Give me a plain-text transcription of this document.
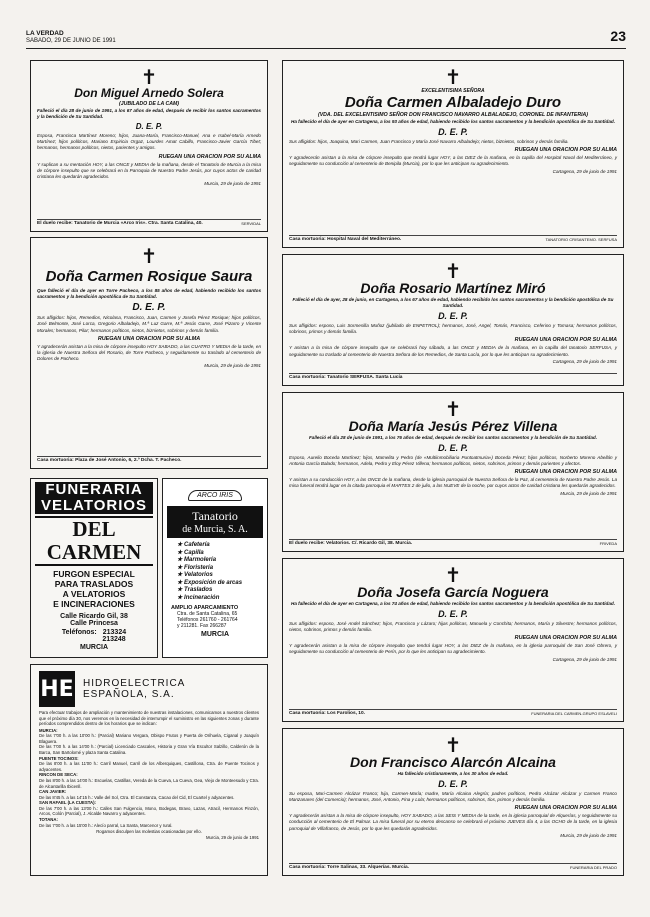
LA VERDAD
SABADO, 29 DE JUNIO DE 1991	23
✝
Don Miguel Arnedo Solera
(JUBILADO DE LA CAM)
Falleció el día 28 de junio de 1991, a los 67 años de edad, después de recibir los santos sacramentos y la bendición de Su Santidad.
D. E. P.
Esposa, Francisca Martínez Moreno; hijos, Juana-María, Francisco-Manuel, Ana e Isabel-María Arnedo Martínez; hijos políticos, Mariano Espiricia Orgaz, Lourdes Amat Cabillo, Francisco-Javier García Tibet; hermanos, hermanos políticos, nietos, parientes y amigos.
RUEGAN UNA ORACION POR SU ALMA
Y suplican a su mentaciòn HOY, a las ONCE y MEDIA de la mañana, desde el Tanatorio de Murcia a la misa de córpore insepulto que se celebrará en la Parroquia de Nuestro Padre Jesús, por cuyos actos de caridad cristiana les quedarán agradecidos.
Murcia, 29 de junio de 1991
El duelo recibe: Tanatorio de Murcia «Arco Iris». Ctra. Santa Catalina, 40.	SERVIDAL
✝
Doña Carmen Rosique Saura
Que falleció el día de ayer en Torre Pacheco, a los 85 años de edad, habiendo recibido los santos sacramentos y la bendición apostólica de Su Santidad.
D. E. P.
Sus afligidos: hijos, Remedios, Nicolasa, Francisco, Juan, Carmen y Josefa Pérez Rosique; hijos políticos, José Belmonte, José Lorca, Gregorio Albaladejo, M.ª Luz Garre, M.ª Jesús Garre, José Pizarro y Vicente Morales; hermanos, Pilar; hermanos políticos, nietos, biznietos, sobrinos y demás familia.
RUEGAN UNA ORACION POR SU ALMA
Y agradecerán asistan a la misa de córpore insepulto HOY SABADO, a las CUATRO Y MEDIA de la tarde, en la iglesia de Nuestra Señora del Rosario, de Torre Pacheco, y seguidamente su traslado al cementerio de Dolores de Pacheco.
Murcia, 29 de junio de 1991
Casa mortuoria: Plaza de José Antonio, 6, 2.º Dcha. T. Pacheco.
✝
EXCELENTISIMA SEÑORA
Doña Carmen Albaladejo Duro
(VDA. DEL EXCELENTISIMO SEÑOR DON FRANCISCO NAVARRO ALBALADEJO, CORONEL DE INFANTERIA)
Ha fallecido el día de ayer en Cartagena, a los 93 años de edad, habiendo recibido los santos sacramentos y la bendición apostólica de Su Santidad.
D. E. P.
Sus afligidos: hijos, Joaquina, Mari Carmen, Juan Francisco y María José Navarro Albaladejo; nietos, biznietos, sobrinos y demás familia.
RUEGAN UNA ORACION POR SU ALMA
Y agradecerán asistan a la misa de córpore insepulto que tendrá lugar HOY, a las DIEZ de la mañana, en la capilla del Hospital Naval del Mediterráneo, y seguidamente su conducción al cementerio de Benipila (Murcia), por lo que les anticipan su agradecimiento.
Cartagena, 29 de junio de 1991
Casa mortuoria: Hospital Naval del Mediterráneo.	TANATORIO CRISANTEMO. SERFUSA
✝
Doña Rosario Martínez Miró
Falleció el día de ayer, 28 de junio, en Cartagena, a los 67 años de edad, habiendo recibido los santos sacramentos y la bendición apostólica de Su Santidad.
D. E. P.
Sus afligidos: esposo, Luis Sormesilla Muñoz (jubilado de ENPETROL); hermanos, José, Angel, Tomás, Francisco, Ceferino y Tomasa; hermanos políticos, sobrinos, primos y demás familia.
RUEGAN UNA ORACION POR SU ALMA
Y asistan a la misa de córpore insepulto que se celebrará hoy sábado, a las ONCE y MEDIA de la mañana, en la capilla del tanatorio SERFUSA, y seguidamente su traslado al cementerio de Nuestra Señora de los Remedios, de Santa Lucía, por lo que les anticipan su agradecimiento.
Cartagena, 29 de junio de 1991
Casa mortuoria: Tanatorio SERFUSA. Santa Lucía
✝
Doña María Jesús Pérez Villena
Falleció el día 28 de junio de 1991, a los 76 años de edad, después de recibir los santos sacramentos y la bendición de Su Santidad.
D. E. P.
Esposo, Aurelio Boceda Martínez; hijos, Mamelita y Pedro (de «Multiinmobiliaria Puntoatmuria») Boceda Pérez; hijos políticos, Norberto Moreno Abellán y Antonia García Balado; hermanos, Adela, Pedro y Eloy Pérez Villena; hermanos políticos, nietos, sobrinos, primos y demás parientes y afectos.
RUEGAN UNA ORACION POR SU ALMA
Y asistan a su conducción HOY, a las ONCE de la mañana, desde la iglesia parroquial de Nuestra Señora de la Paz, al cementerio de Nuestro Padre Jesús. La misa funeral tendrá lugar en la citada parroquia el MARTES 2 de julio, a las NUEVE de la noche, por cuyos actos de caridad cristiana les quedarán agradecidos.
Murcia, 29 de junio de 1991
El duelo recibe: Velatorios. C/. Ricardo Gil, 38. Murcia.	FRIVEDA
✝
Doña Josefa García Noguera
Ha fallecido el día de ayer en Cartagena, a los 74 años de edad, habiendo recibido los santos sacramentos y la bendición apostólica de Su Santidad.
D. E. P.
Sus afligidos: esposo, José Andel Sánchez; hijos, Francisco y Lázaro; hijas políticas, Manuela y Conchita; hermanos, María y Silvestre; hermanos políticos, nietos, sobrinos, primos y demás familia.
RUEGAN UNA ORACION POR SU ALMA
Y agradecerán asistan a la misa de córpore insepulto que tendrá lugar HOY, a las DIEZ de la mañana, en la iglesia parroquial de San José Obrero, y seguidamente su conducción al cementerio de Perín, por lo que les anticipan su agradecimiento.
Cartagena, 29 de junio de 1991
Casa mortuoria: Los Farolios, 10.	FUNERARIA DEL CARMEN-GRUPO ESLAVELI
✝
Don Francisco Alarcón Alcaina
Ha fallecido cristianamente, a los 30 años de edad.
D. E. P.
Su esposa, Mari-Carmen Alcázar Franco; hija, Carmen-María; madre, María Alcaina Alegría; padres políticos, Pedro Alcázar Alcázar y Carmen Franco Manzanares (del Comercio); hermanos, José, Antonio, Fina y Lola; hermanos políticos, sobrinos, tíos, primos y demás familia.
RUEGAN UNA ORACION POR SU ALMA
Y agradecerán asistan a la misa de córpore insepulto, HOY SABADO, a las SEIS Y MEDIA de la tarde, en la iglesia parroquial de Alquerías, y seguidamente su conducción al cementerio de El Palmar. La misa funeral por su eterno descanso se celebrará el próximo JUEVES día 4, a las OCHO de la tarde, en la iglesia parroquial de Villafranco, de Jesús, por lo que les quedarán agradecidos.
Murcia, 29 de junio de 1991
Casa mortuoria: Torre Salinas, 33. Alquerías. Murcia.	FUNERARIA DEL PRADO
FUNERARIA
VELATORIOS
DEL CARMEN
FURGON ESPECIAL
PARA TRASLADOS
A VELATORIOS
E INCINERACIONES
Calle Ricardo Gil, 38
Calle Princesa
Teléfonos: 213324
213248
MURCIA
ARCO IRIS
Tanatorio
de Murcia, S. A.
★ Cafetería
★ Capilla
★ Marmolería
★ Floristería
★ Velatorios
★ Exposición de arcas
★ Traslados
★ Incineración
AMPLIO APARCAMIENTO
Ctra. de Santa Catalina, 65
Teléfonos 261760 - 261764
y 211281. Fax 266287
MURCIA
HE HIDROELECTRICA
ESPAÑOLA, S.A.
Para efectuar trabajos de ampliación y mantenimiento de nuestras instalaciones, comunicamos a nuestros clientes que el próximo día 30, nos veremos en la necesidad de interrumpir el suministro en las siguientes zonas y durante períodos comprendidos dentro de los horarios que se indican:
MURCIA:
De las 7'00 h. a las 10'00 h.: (Parcial) Mariano Vergara, Obispo Frutos y Puerta de Orihuela, Ciganal y Joaquín Blaguera.
De las 7'00 h. a las 14'00 h.: (Parcial) Licenciado Cascales, Historia y Gran Vía Escultor Salzillo, Calderón de la Barca, San Bartolomé y plaza Santa Catalina.
PUENTE TOCINOS:
De las 8'00 h. a las 11'00 h.: Carril Manuel, Carril de los Alberquiques, Castillona, Ctra. de Puente Tocinos y adyacentes.
RINCON DE SECA:
De las 8'00 h. a las 14'00 h.: Escuelas, Castillas, Vereda de la Cueva, La Cueva, Gea, Viejo de Monteesudo y Ctra. de Alcantarilla Ibicenll.
CAN JAVIER:
De las 8'45 h. a las 14'15 h.: Valle del Sol, Ctra. El Constanza, Cacao del Cid, El Cuartel y adyacentes.
SAN RAFAEL (LA CUESTA):
De las 7'00 h. a las 13'00 h.: Calles San Fulgencio, Mono, Bodegas, Bravo, Lazas, Atracil, Hermanos Pinzón, Arcos, Colón (Parcial), J. Alcalde Navarro y adyacentes.
TOTANA:
De las 7'00 h. a las 15'00 h.: Alecío parral, La Santa, Marcenor y rural.
Rogamos disculpen las molestias ocasionadas por ello.
Murcia, 29 de junio de 1991
